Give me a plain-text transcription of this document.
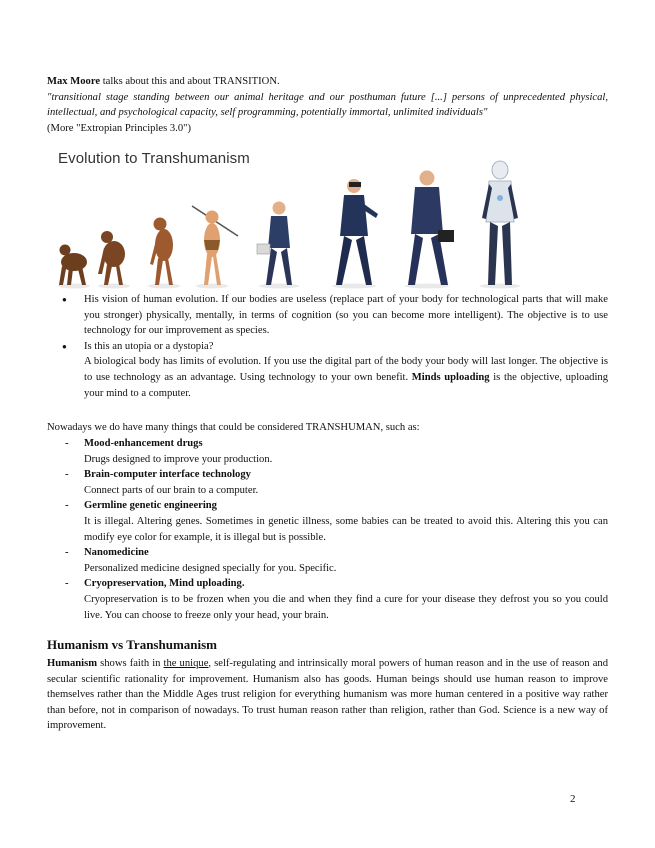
Max Moore talks about this and about TRANSITION.
"transitional stage standing between our animal heritage and our posthuman future [...] persons of unprecedented physical, intellectual, and psychological capacity, self programming, potentially immortal, unlimited individuals"
(More "Extropian Principles 3.0")
Evolution to Transhumanism
● His vision of human evolution. If our bodies are useless (replace part of your body for technological parts that will make you stronger) physically, mentally, in terms of cognition (so you can become more intelligent). The objective is to use technology for our improvement as species.
● Is this an utopia or a dystopia?
A biological body has limits of evolution. If you use the digital part of the body your body will last longer. The objective is to use technology as an advantage. Using technology to your own benefit. Minds uploading is the objective, uploading your mind to a computer.
Nowadays we do have many things that could be considered TRANSHUMAN, such as:
- Mood-enhancement drugs
Drugs designed to improve your production.
- Brain-computer interface technology
Connect parts of our brain to a computer.
- Germline genetic engineering
It is illegal. Altering genes. Sometimes in genetic illness, some babies can be treated to avoid this. Altering this you can modify eye color for example, it is illegal but is possible.
- Nanomedicine
Personalized medicine designed specially for you. Specific.
- Cryopreservation, Mind uploading.
Cryopreservation is to be frozen when you die and when they find a cure for your disease they defrost you so you could live. You can choose to freeze only your head, your brain.
Humanism vs Transhumanism
Humanism shows faith in the unique, self-regulating and intrinsically moral powers of human reason and in the use of reason and secular scientific rationality for improvement. Humanism also has goods. Human beings should use human reason to improve themselves rather than the Middle Ages trust religion for everything humanism was more human centered in a positive way rather than before, not in comparison of nowadays. To trust human reason rather than religion, rather than God. Science is a new way of improvement.
2
